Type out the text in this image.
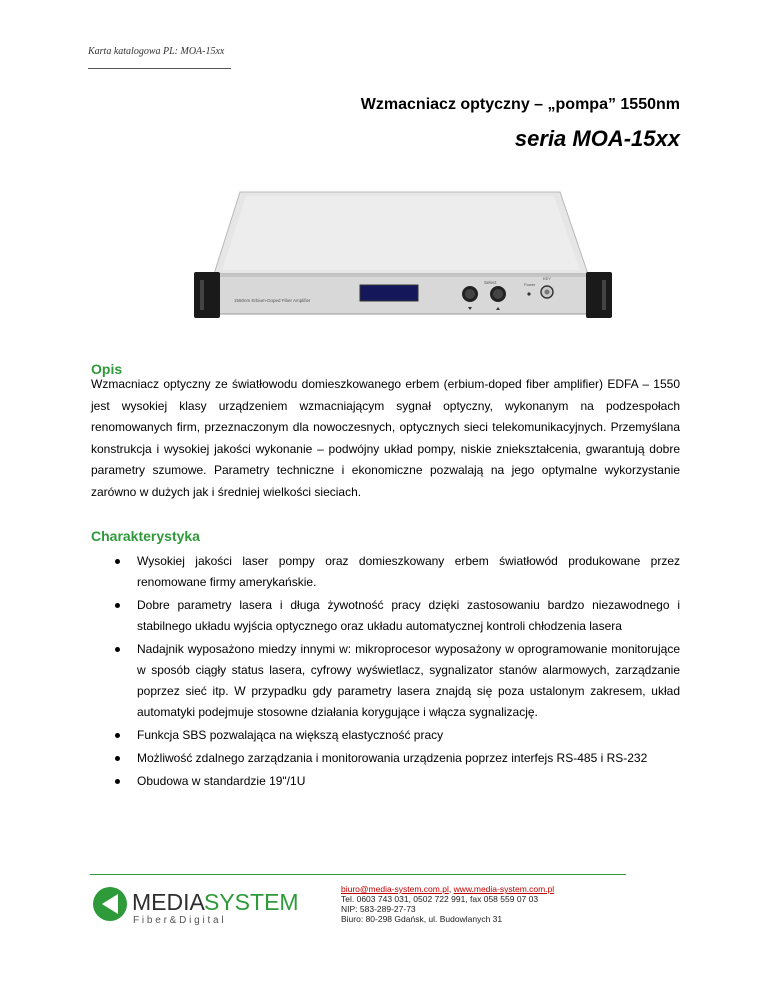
Karta katalogowa PL: MOA-15xx
Wzmacniacz optyczny – „pompa” 1550nm
seria MOA-15xx
1550nm Erbium-Doped Fiber Amplifier
Select	Power
KEY
Opis
Wzmacniacz optyczny ze światłowodu domieszkowanego erbem (erbium-doped fiber amplifier) EDFA – 1550 jest wysokiej klasy urządzeniem wzmacniającym sygnał optyczny, wykonanym na podzespołach renomowanych firm, przeznaczonym dla nowoczesnych, optycznych sieci telekomunikacyjnych. Przemyślana konstrukcja i wysokiej jakości wykonanie – podwójny układ pompy, niskie zniekształcenia, gwarantują dobre parametry szumowe. Parametry techniczne i ekonomiczne pozwalają na jego optymalne wykorzystanie zarówno w dużych jak i średniej wielkości sieciach.
Charakterystyka
Wysokiej jakości laser pompy oraz domieszkowany erbem światłowód produkowane przez renomowane firmy amerykańskie.
Dobre parametry lasera i długa żywotność pracy dzięki zastosowaniu bardzo niezawodnego i stabilnego układu wyjścia optycznego oraz układu automatycznej kontroli chłodzenia lasera
Nadajnik wyposażono miedzy innymi w: mikroprocesor wyposażony w oprogramowanie monitorujące w sposób ciągły status lasera, cyfrowy wyświetlacz, sygnalizator stanów alarmowych, zarządzanie poprzez sieć itp. W przypadku gdy parametry lasera znajdą się poza ustalonym zakresem, układ automatyki podejmuje stosowne działania korygujące i włącza sygnalizację.
Funkcja SBS pozwalająca na większą elastyczność pracy
Możliwość zdalnego zarządzania i monitorowania urządzenia poprzez interfejs RS-485 i RS-232
Obudowa w standardzie 19"/1U
MEDIA SYSTEM
F i b e r & D i g i t a l
biuro@media-system.com.pl, www.media-system.com.pl
Tel. 0603 743 031, 0502 722 991, fax 058 559 07 03
NIP: 583-289-27-73
Biuro: 80-298 Gdańsk, ul. Budowlanych 31
